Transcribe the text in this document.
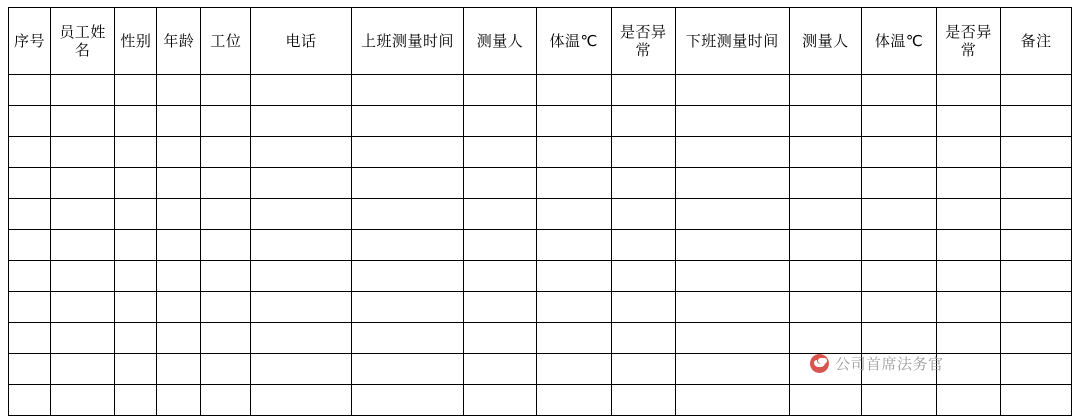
序号	员工姓名	性别	年龄	工位	电话	上班测量时间	测量人	体温℃	是否异常	下班测量时间	测量人	体温℃	是否异常	备注

公司首席法务官
